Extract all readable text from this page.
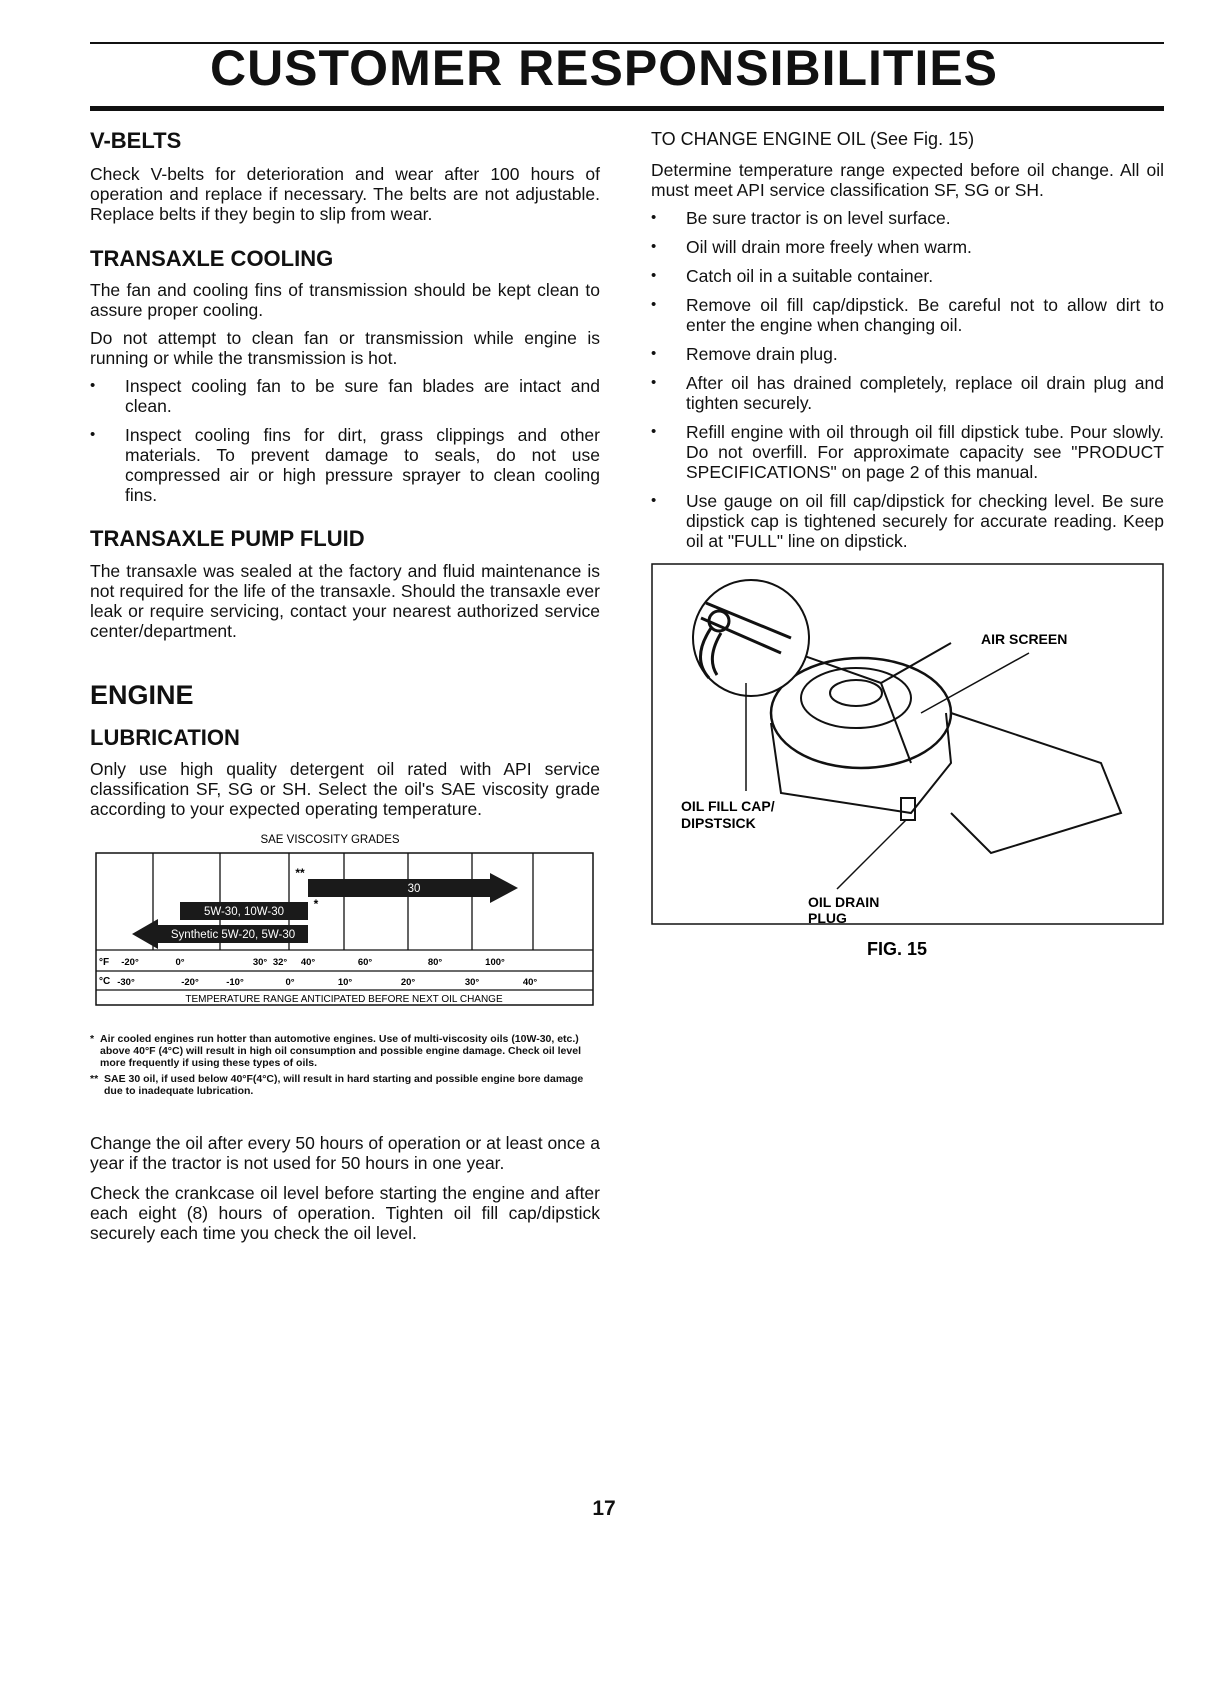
CUSTOMER RESPONSIBILITIES
V-BELTS

Check V-belts for deterioration and wear after 100 hours of operation and replace if necessary. The belts are not adjustable. Replace belts if they begin to slip from wear.

TRANSAXLE COOLING

The fan and cooling fins of transmission should be kept clean to assure proper cooling.

Do not attempt to clean fan or transmission while engine is running or while the transmission is hot.

• Inspect cooling fan to be sure fan blades are intact and clean.
• Inspect cooling fins for dirt, grass clippings and other materials. To prevent damage to seals, do not use compressed air or high pressure sprayer to clean cooling fins.
TRANSAXLE PUMP FLUID

The transaxle was sealed at the factory and fluid maintenance is not required for the life of the transaxle. Should the transaxle ever leak or require servicing, contact your nearest authorized service center/department.

ENGINE
LUBRICATION

Only use high quality detergent oil rated with API service classification SF, SG or SH. Select the oil's SAE viscosity grade according to your expected operating temperature.

SAE VISCOSITY GRADES
30
**
5W-30, 10W-30
*
Synthetic 5W-20, 5W-30
°F
°C
-20°	0°	30° 32° 40°	60°	80°	100°
-30°	-20°	-10°	0°	10°	20°	30°	40°
TEMPERATURE RANGE ANTICIPATED BEFORE NEXT OIL CHANGE
* Air cooled engines run hotter than automotive engines. Use of multi-viscosity oils (10W-30, etc.) above 40°F (4°C) will result in high oil consumption and possible engine damage. Check oil level more frequently if using these types of oils.
** SAE 30 oil, if used below 40°F(4°C), will result in hard starting and possible engine bore damage due to inadequate lubrication.

Change the oil after every 50 hours of operation or at least once a year if the tractor is not used for 50 hours in one year.

Check the crankcase oil level before starting the engine and after each eight (8) hours of operation. Tighten oil fill cap/dipstick securely each time you check the oil level.

TO CHANGE ENGINE OIL (See Fig. 15)

Determine temperature range expected before oil change. All oil must meet API service classification SF, SG or SH.

• Be sure tractor is on level surface.
• Oil will drain more freely when warm.
• Catch oil in a suitable container.
• Remove oil fill cap/dipstick. Be careful not to allow dirt to enter the engine when changing oil.
• Remove drain plug.
• After oil has drained completely, replace oil drain plug and tighten securely.
• Refill engine with oil through oil fill dipstick tube. Pour slowly. Do not overfill. For approximate capacity see "PRODUCT SPECIFICATIONS" on page 2 of this manual.
• Use gauge on oil fill cap/dipstick for checking level. Be sure dipstick cap is tightened securely for accurate reading. Keep oil at "FULL" line on dipstick.
AIR SCREEN
OIL FILL CAP/
DIPSTSICK
OIL DRAIN
PLUG
FIG. 15
17
